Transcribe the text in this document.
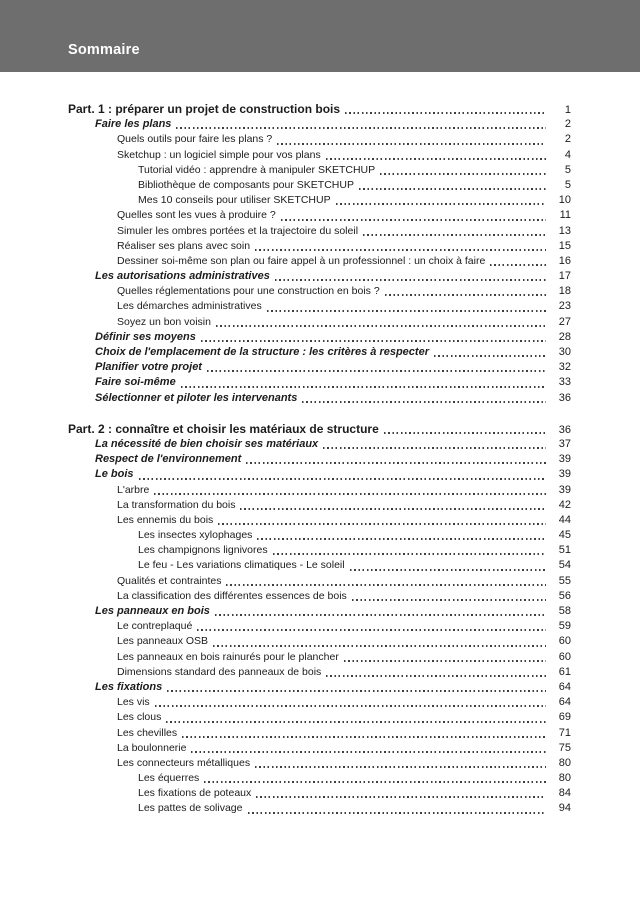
Sommaire
Part. 1 : préparer un projet de construction bois	1
Faire les plans	2
Quels outils pour faire les plans ?	2
Sketchup : un logiciel simple pour vos plans	4
Tutorial vidéo : apprendre à manipuler SKETCHUP	5
Bibliothèque de composants pour SKETCHUP	5
Mes 10 conseils pour utiliser SKETCHUP	10
Quelles sont les vues à produire ?	11
Simuler les ombres portées et la trajectoire du soleil	13
Réaliser ses plans avec soin	15
Dessiner soi-même son plan ou faire appel à un professionnel : un choix à faire	16
Les autorisations administratives	17
Quelles réglementations pour une construction en bois ?	18
Les démarches administratives	23
Soyez un bon voisin	27
Définir ses moyens	28
Choix de l'emplacement de la structure : les critères à respecter	30
Planifier votre projet	32
Faire soi-même	33
Sélectionner et piloter les intervenants	36
Part. 2 : connaître et choisir les matériaux de structure	36
La nécessité de bien choisir ses matériaux	37
Respect de l'environnement	39
Le bois	39
L'arbre	39
La transformation du bois	42
Les ennemis du bois	44
Les insectes xylophages	45
Les champignons lignivores	51
Le feu - Les variations climatiques - Le soleil	54
Qualités et contraintes	55
La classification des différentes essences de bois	56
Les panneaux en bois	58
Le contreplaqué	59
Les panneaux OSB	60
Les panneaux en bois rainurés pour le plancher	60
Dimensions standard des panneaux de bois	61
Les fixations	64
Les vis	64
Les clous	69
Les chevilles	71
La boulonnerie	75
Les connecteurs métalliques	80
Les équerres	80
Les fixations de poteaux	84
Les pattes de solivage	94
